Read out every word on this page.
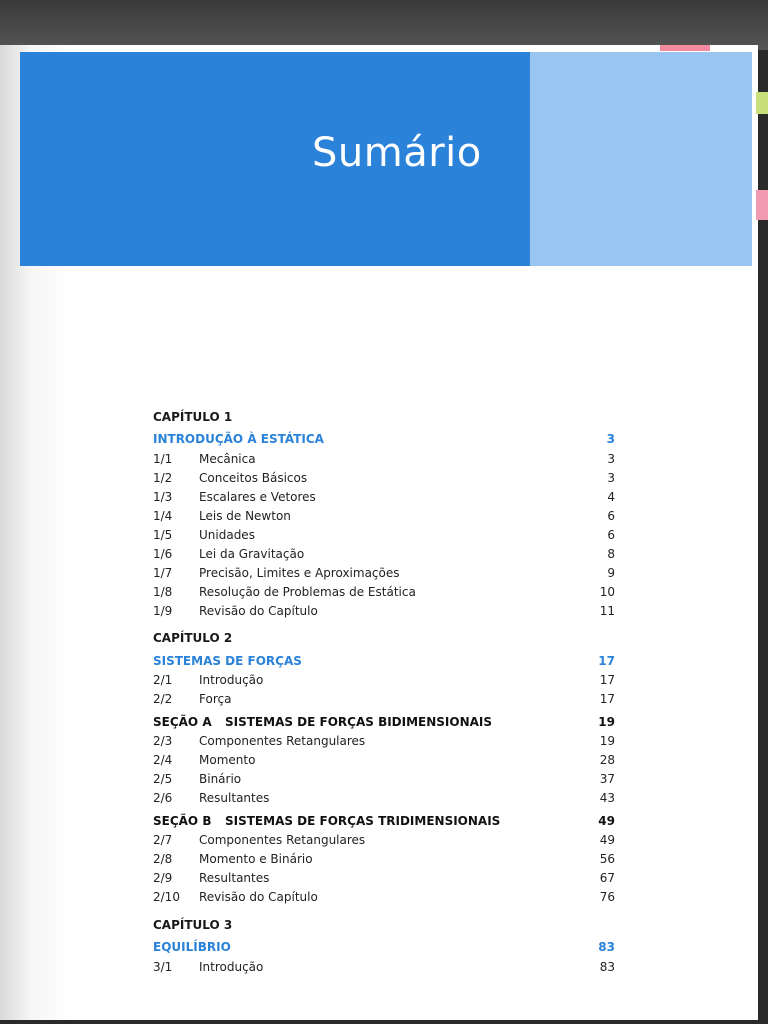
Sumário
CAPÍTULO 1
INTRODUÇÃO À ESTÁTICA	3
1/1 Mecânica	3
1/2 Conceitos Básicos	3
1/3 Escalares e Vetores	4
1/4 Leis de Newton	6
1/5 Unidades	6
1/6 Lei da Gravitação	8
1/7 Precisão, Limites e Aproximações	9
1/8 Resolução de Problemas de Estática	10
1/9 Revisão do Capítulo	11
CAPÍTULO 2
SISTEMAS DE FORÇAS	17
2/1 Introdução	17
2/2 Força	17
SEÇÃO A SISTEMAS DE FORÇAS BIDIMENSIONAIS	19
2/3 Componentes Retangulares	19
2/4 Momento	28
2/5 Binário	37
2/6 Resultantes	43
SEÇÃO B SISTEMAS DE FORÇAS TRIDIMENSIONAIS	49
2/7 Componentes Retangulares	49
2/8 Momento e Binário	56
2/9 Resultantes	67
2/10 Revisão do Capítulo	76
CAPÍTULO 3
EQUILÍBRIO	83
3/1 Introdução	83
